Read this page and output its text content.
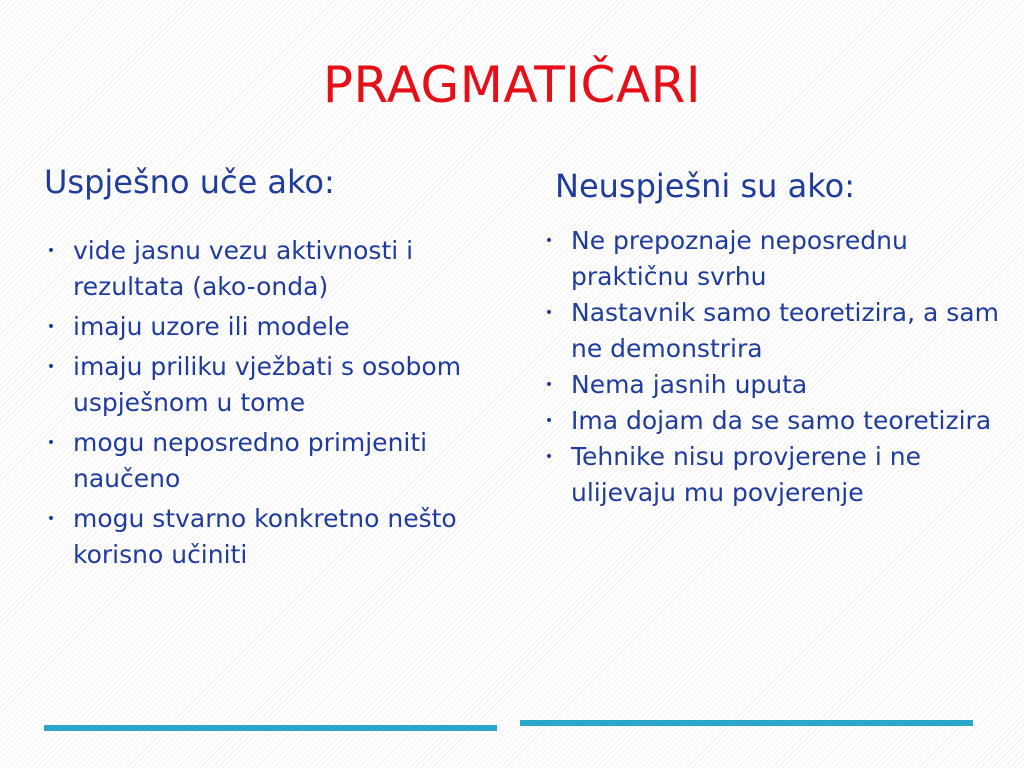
PRAGMATIČARI
Uspješno uče ako:	Neuspješni su ako:
• vide jasnu vezu aktivnosti i rezultata (ako-onda)
• imaju uzore ili modele
• imaju priliku vježbati s osobom uspješnom u tome
• mogu neposredno primjeniti naučeno
• mogu stvarno konkretno nešto korisno učiniti
• Ne prepoznaje neposrednu praktičnu svrhu
• Nastavnik samo teoretizira, a sam ne demonstrira
• Nema jasnih uputa
• Ima dojam da se samo teoretizira
• Tehnike nisu provjerene i ne ulijevaju mu povjerenje
